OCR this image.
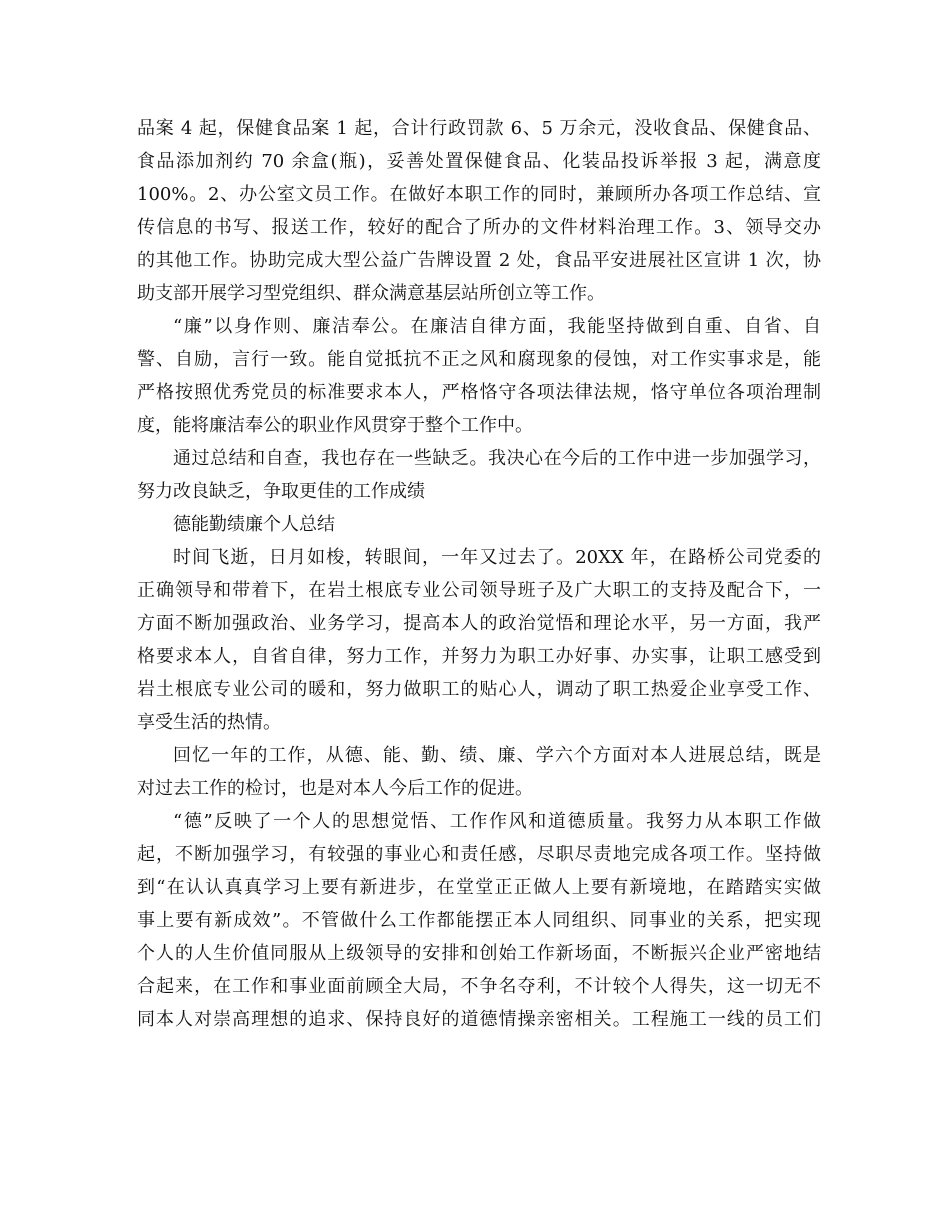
品案 4 起，保健食品案 1 起，合计行政罚款 6、5 万余元，没收食品、保健食品、
食品添加剂约 70 余盒(瓶)，妥善处置保健食品、化装品投诉举报 3 起，满意度
100%。2、办公室文员工作。在做好本职工作的同时，兼顾所办各项工作总结、宣
传信息的书写、报送工作，较好的配合了所办的文件材料治理工作。3、领导交办
的其他工作。协助完成大型公益广告牌设置 2 处，食品平安进展社区宣讲 1 次，协
助支部开展学习型党组织、群众满意基层站所创立等工作。
“廉”以身作则、廉洁奉公。在廉洁自律方面，我能坚持做到自重、自省、自
警、自励，言行一致。能自觉抵抗不正之风和腐现象的侵蚀，对工作实事求是，能
严格按照优秀党员的标准要求本人，严格恪守各项法律法规，恪守单位各项治理制
度，能将廉洁奉公的职业作风贯穿于整个工作中。
通过总结和自查，我也存在一些缺乏。我决心在今后的工作中进一步加强学习，
努力改良缺乏，争取更佳的工作成绩
德能勤绩廉个人总结
时间飞逝，日月如梭，转眼间，一年又过去了。20XX 年，在路桥公司党委的
正确领导和带着下，在岩土根底专业公司领导班子及广大职工的支持及配合下，一
方面不断加强政治、业务学习，提高本人的政治觉悟和理论水平，另一方面，我严
格要求本人，自省自律，努力工作，并努力为职工办好事、办实事，让职工感受到
岩土根底专业公司的暖和，努力做职工的贴心人，调动了职工热爱企业享受工作、
享受生活的热情。
回忆一年的工作，从德、能、勤、绩、廉、学六个方面对本人进展总结，既是
对过去工作的检讨，也是对本人今后工作的促进。
“德”反映了一个人的思想觉悟、工作作风和道德质量。我努力从本职工作做
起，不断加强学习，有较强的事业心和责任感，尽职尽责地完成各项工作。坚持做
到“在认认真真学习上要有新进步，在堂堂正正做人上要有新境地，在踏踏实实做
事上要有新成效”。不管做什么工作都能摆正本人同组织、同事业的关系，把实现
个人的人生价值同服从上级领导的安排和创始工作新场面，不断振兴企业严密地结
合起来，在工作和事业面前顾全大局，不争名夺利，不计较个人得失，这一切无不
同本人对崇高理想的追求、保持良好的道德情操亲密相关。工程施工一线的员工们
